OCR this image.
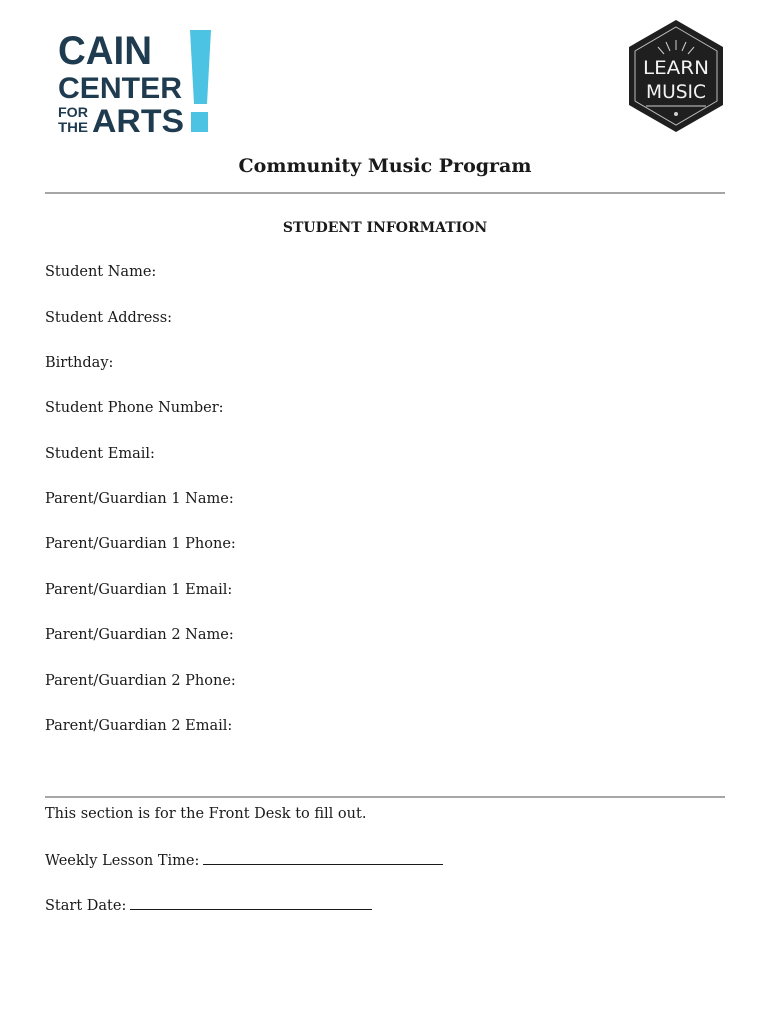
CAIN
CENTER
FOR
THE ARTS
LEARN
MUSIC
Community Music Program
STUDENT INFORMATION
Student Name:
Student Address:
Birthday:
Student Phone Number:
Student Email:
Parent/Guardian 1 Name:
Parent/Guardian 1 Phone:
Parent/Guardian 1 Email:
Parent/Guardian 2 Name:
Parent/Guardian 2 Phone:
Parent/Guardian 2 Email:
This section is for the Front Desk to fill out.
Weekly Lesson Time:
Start Date:
